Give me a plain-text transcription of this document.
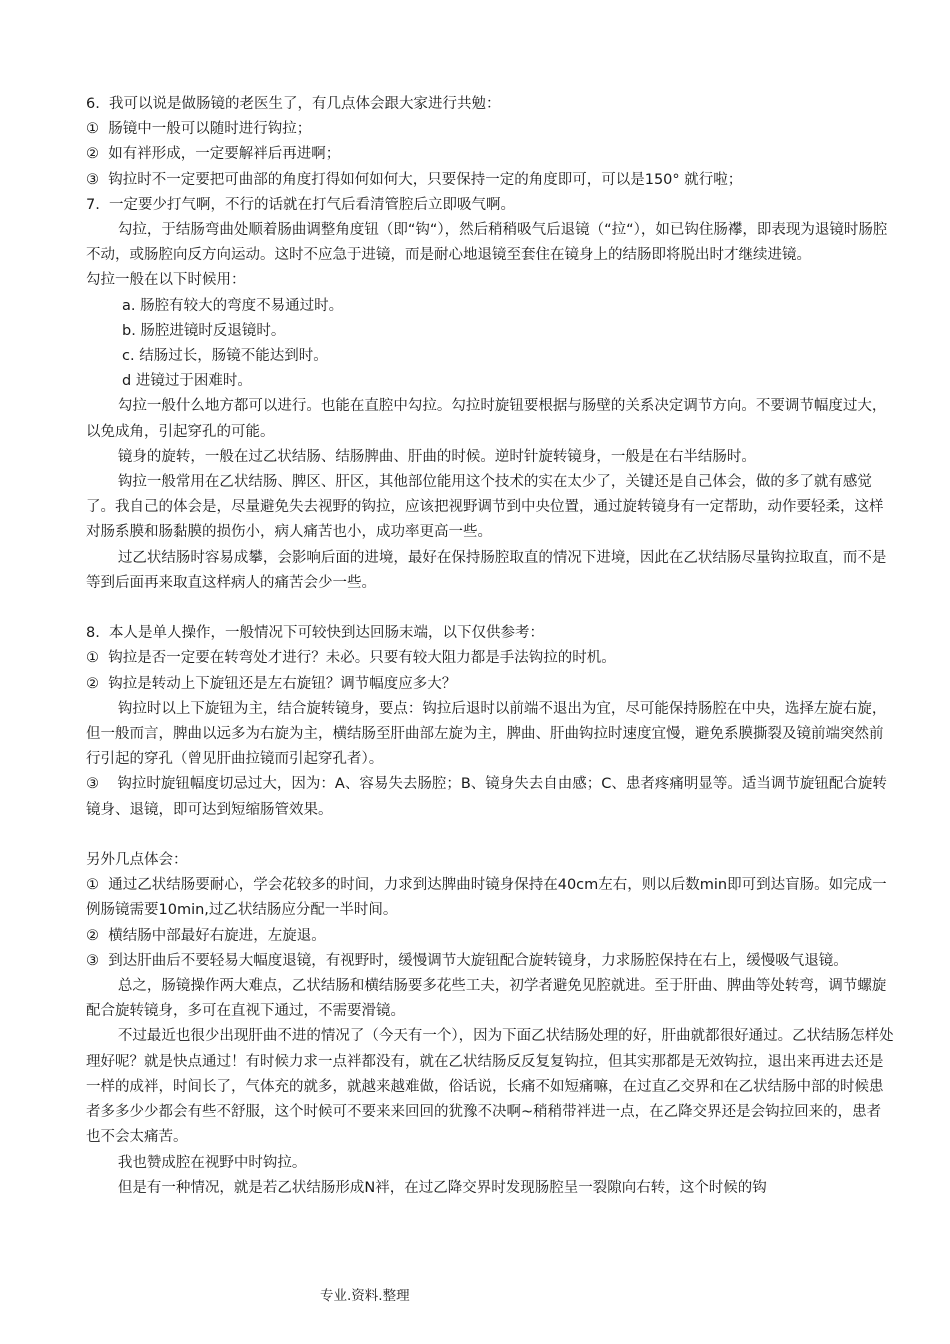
6.  我可以说是做肠镜的老医生了，有几点体会跟大家进行共勉：
①  肠镜中一般可以随时进行钩拉；
②  如有袢形成，一定要解袢后再进啊；
③  钩拉时不一定要把可曲部的角度打得如何如何大，只要保持一定的角度即可，可以是150° 就行啦；
7.  一定要少打气啊，不行的话就在打气后看清管腔后立即吸气啊。
勾拉，于结肠弯曲处顺着肠曲调整角度钮（即“钩“），然后稍稍吸气后退镜（“拉“），如已钩住肠襻，即表现为退镜时肠腔不动，或肠腔向反方向运动。这时不应急于进镜，而是耐心地退镜至套住在镜身上的结肠即将脱出时才继续进镜。
勾拉一般在以下时候用：
a. 肠腔有较大的弯度不易通过时。
b. 肠腔进镜时反退镜时。
c. 结肠过长，肠镜不能达到时。
d 进镜过于困难时。
勾拉一般什么地方都可以进行。也能在直腔中勾拉。勾拉时旋钮要根据与肠壁的关系决定调节方向。不要调节幅度过大，以免成角，引起穿孔的可能。
镜身的旋转，一般在过乙状结肠、结肠脾曲、肝曲的时候。逆时针旋转镜身，一般是在右半结肠时。
钩拉一般常用在乙状结肠、脾区、肝区，其他部位能用这个技术的实在太少了，关键还是自己体会，做的多了就有感觉了。我自己的体会是，尽量避免失去视野的钩拉，应该把视野调节到中央位置，通过旋转镜身有一定帮助，动作要轻柔，这样对肠系膜和肠黏膜的损伤小，病人痛苦也小，成功率更高一些。
过乙状结肠时容易成攀，会影响后面的进境，最好在保持肠腔取直的情况下进境，因此在乙状结肠尽量钩拉取直，而不是等到后面再来取直这样病人的痛苦会少一些。
8.  本人是单人操作，一般情况下可较快到达回肠末端，以下仅供参考：
①  钩拉是否一定要在转弯处才进行？未必。只要有较大阻力都是手法钩拉的时机。
②  钩拉是转动上下旋钮还是左右旋钮？调节幅度应多大？
钩拉时以上下旋钮为主，结合旋转镜身，要点：钩拉后退时以前端不退出为宜，尽可能保持肠腔在中央，选择左旋右旋，但一般而言，脾曲以远多为右旋为主，横结肠至肝曲部左旋为主，脾曲、肝曲钩拉时速度宜慢，避免系膜撕裂及镜前端突然前行引起的穿孔（曾见肝曲拉镜而引起穿孔者）。
③    钩拉时旋钮幅度切忌过大，因为：A、容易失去肠腔；B、镜身失去自由感；C、患者疼痛明显等。适当调节旋钮配合旋转镜身、退镜，即可达到短缩肠管效果。
另外几点体会：
①  通过乙状结肠要耐心，学会花较多的时间，力求到达脾曲时镜身保持在40cm左右，则以后数min即可到达盲肠。如完成一例肠镜需要10min,过乙状结肠应分配一半时间。
②  横结肠中部最好右旋进，左旋退。
③  到达肝曲后不要轻易大幅度退镜，有视野时，缓慢调节大旋钮配合旋转镜身，力求肠腔保持在右上，缓慢吸气退镜。
总之，肠镜操作两大难点，乙状结肠和横结肠要多花些工夫，初学者避免见腔就进。至于肝曲、脾曲等处转弯，调节螺旋配合旋转镜身，多可在直视下通过，不需要滑镜。
不过最近也很少出现肝曲不进的情况了（今天有一个），因为下面乙状结肠处理的好，肝曲就都很好通过。乙状结肠怎样处理好呢？就是快点通过！有时候力求一点袢都没有，就在乙状结肠反反复复钩拉，但其实那都是无效钩拉，退出来再进去还是一样的成袢，时间长了，气体充的就多，就越来越难做，俗话说，长痛不如短痛嘛，在过直乙交界和在乙状结肠中部的时候患者多多少少都会有些不舒服，这个时候可不要来来回回的犹豫不决啊~稍稍带袢进一点，在乙降交界还是会钩拉回来的，患者也不会太痛苦。
我也赞成腔在视野中时钩拉。
但是有一种情况，就是若乙状结肠形成N袢，在过乙降交界时发现肠腔呈一裂隙向右转，这个时候的钩
专业.资料.整理
